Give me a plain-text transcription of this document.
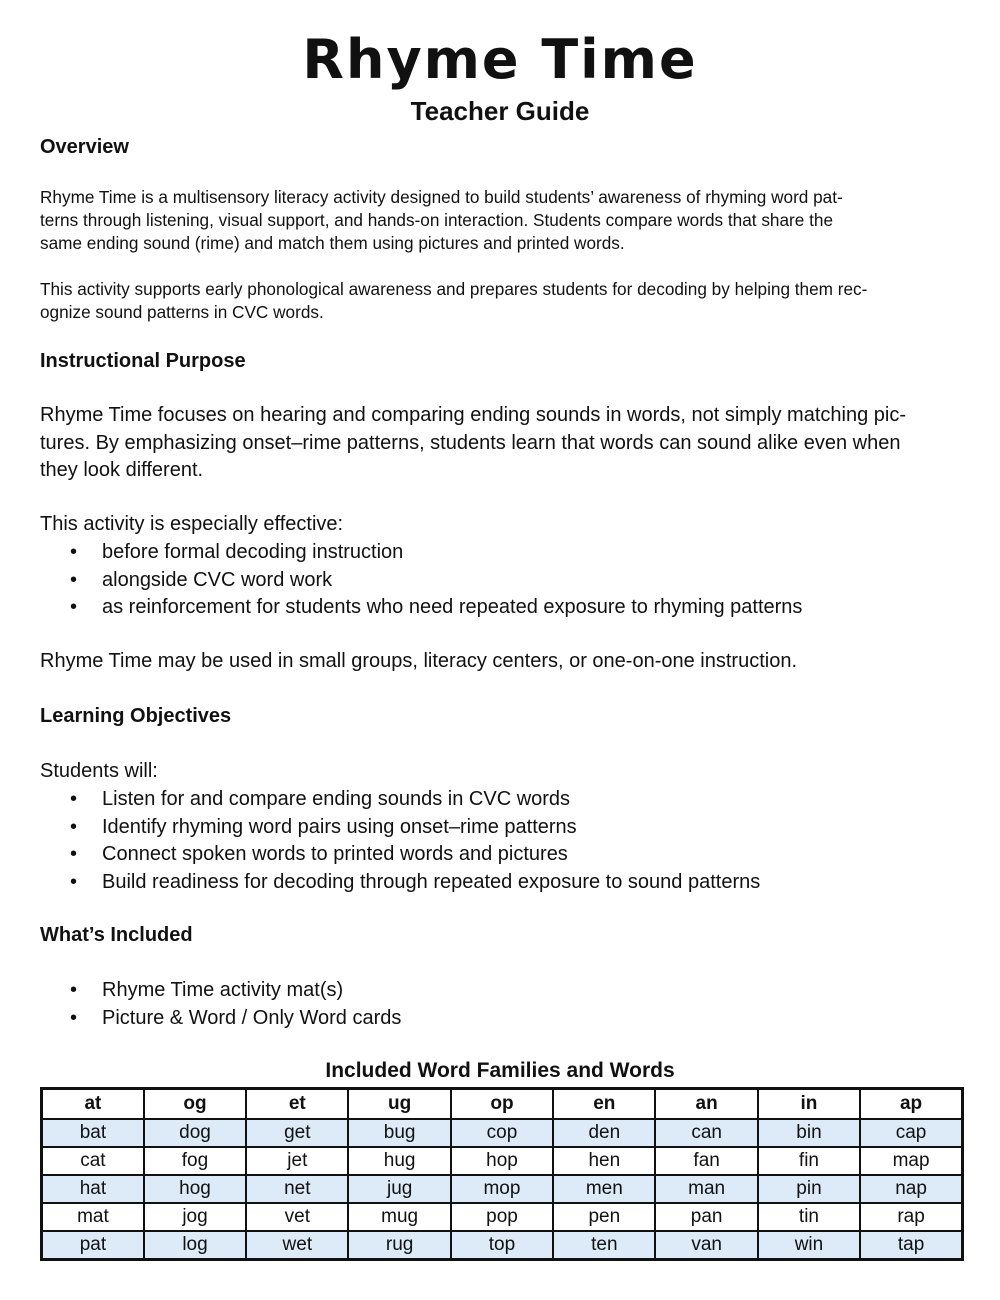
Rhyme Time
Teacher Guide
Overview
Rhyme Time is a multisensory literacy activity designed to build students’ awareness of rhyming word pat-
terns through listening, visual support, and hands-on interaction. Students compare words that share the
same ending sound (rime) and match them using pictures and printed words.
This activity supports early phonological awareness and prepares students for decoding by helping them rec-
ognize sound patterns in CVC words.
Instructional Purpose
Rhyme Time focuses on hearing and comparing ending sounds in words, not simply matching pic-
tures. By emphasizing onset–rime patterns, students learn that words can sound alike even when
they look different.
This activity is especially effective:
• before formal decoding instruction
• alongside CVC word work
• as reinforcement for students who need repeated exposure to rhyming patterns
Rhyme Time may be used in small groups, literacy centers, or one-on-one instruction.
Learning Objectives
Students will:
• Listen for and compare ending sounds in CVC words
• Identify rhyming word pairs using onset–rime patterns
• Connect spoken words to printed words and pictures
• Build readiness for decoding through repeated exposure to sound patterns
What’s Included
• Rhyme Time activity mat(s)
• Picture & Word / Only Word cards
Included Word Families and Words
at	og	et	ug	op	en	an	in	ap
bat	dog	get	bug	cop	den	can	bin	cap
cat	fog	jet	hug	hop	hen	fan	fin	map
hat	hog	net	jug	mop	men	man	pin	nap
mat	jog	vet	mug	pop	pen	pan	tin	rap
pat	log	wet	rug	top	ten	van	win	tap
